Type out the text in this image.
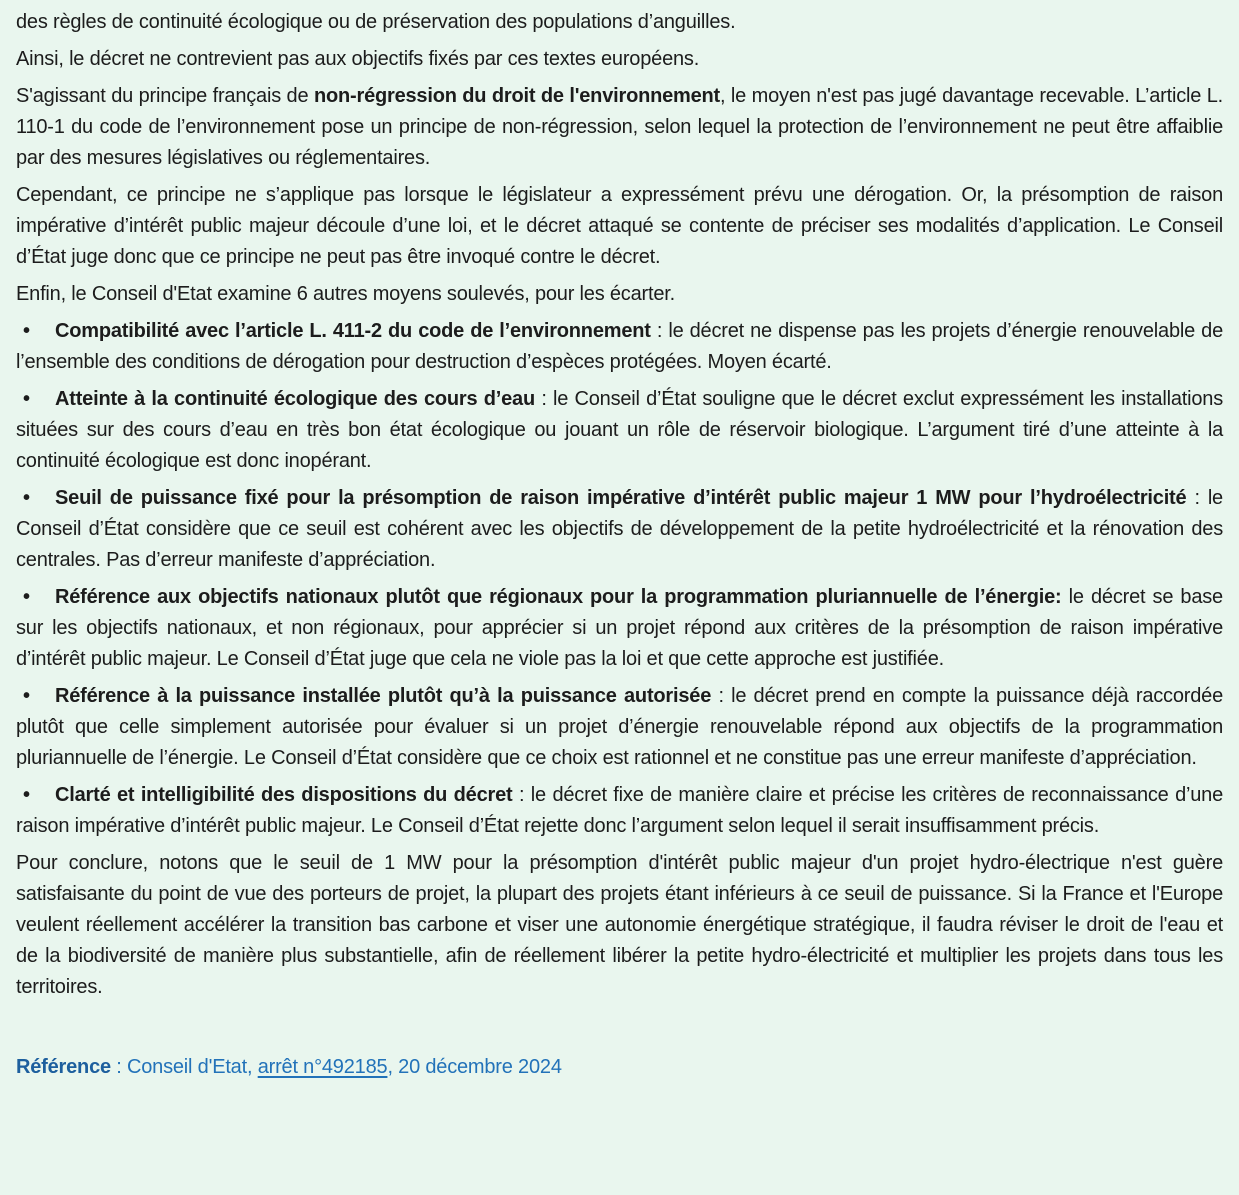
des règles de continuité écologique ou de préservation des populations d’anguilles.

Ainsi, le décret ne contrevient pas aux objectifs fixés par ces textes européens.

S'agissant du principe français de non-régression du droit de l'environnement, le moyen n'est pas jugé davantage recevable. L’article L. 110-1 du code de l’environnement pose un principe de non-régression, selon lequel la protection de l’environnement ne peut être affaiblie par des mesures législatives ou réglementaires.

Cependant, ce principe ne s’applique pas lorsque le législateur a expressément prévu une dérogation. Or, la présomption de raison impérative d’intérêt public majeur découle d’une loi, et le décret attaqué se contente de préciser ses modalités d’application. Le Conseil d’État juge donc que ce principe ne peut pas être invoqué contre le décret.

Enfin, le Conseil d'Etat examine 6 autres moyens soulevés, pour les écarter.

• Compatibilité avec l’article L. 411-2 du code de l’environnement : le décret ne dispense pas les projets d’énergie renouvelable de l’ensemble des conditions de dérogation pour destruction d’espèces protégées. Moyen écarté.

• Atteinte à la continuité écologique des cours d’eau : le Conseil d’État souligne que le décret exclut expressément les installations situées sur des cours d’eau en très bon état écologique ou jouant un rôle de réservoir biologique. L’argument tiré d’une atteinte à la continuité écologique est donc inopérant.

• Seuil de puissance fixé pour la présomption de raison impérative d’intérêt public majeur 1 MW pour l’hydroélectricité : le Conseil d’État considère que ce seuil est cohérent avec les objectifs de développement de la petite hydroélectricité et la rénovation des centrales. Pas d’erreur manifeste d’appréciation.

• Référence aux objectifs nationaux plutôt que régionaux pour la programmation pluriannuelle de l’énergie: le décret se base sur les objectifs nationaux, et non régionaux, pour apprécier si un projet répond aux critères de la présomption de raison impérative d’intérêt public majeur. Le Conseil d’État juge que cela ne viole pas la loi et que cette approche est justifiée.

• Référence à la puissance installée plutôt qu’à la puissance autorisée : le décret prend en compte la puissance déjà raccordée plutôt que celle simplement autorisée pour évaluer si un projet d’énergie renouvelable répond aux objectifs de la programmation pluriannuelle de l’énergie. Le Conseil d’État considère que ce choix est rationnel et ne constitue pas une erreur manifeste d’appréciation.

• Clarté et intelligibilité des dispositions du décret : le décret fixe de manière claire et précise les critères de reconnaissance d’une raison impérative d’intérêt public majeur. Le Conseil d’État rejette donc l’argument selon lequel il serait insuffisamment précis.

Pour conclure, notons que le seuil de 1 MW pour la présomption d'intérêt public majeur d'un projet hydro-électrique n'est guère satisfaisante du point de vue des porteurs de projet, la plupart des projets étant inférieurs à ce seuil de puissance. Si la France et l'Europe veulent réellement accélérer la transition bas carbone et viser une autonomie énergétique stratégique, il faudra réviser le droit de l'eau et de la biodiversité de manière plus substantielle, afin de réellement libérer la petite hydro-électricité et multiplier les projets dans tous les territoires.

Référence : Conseil d'Etat, arrêt n°492185, 20 décembre 2024
